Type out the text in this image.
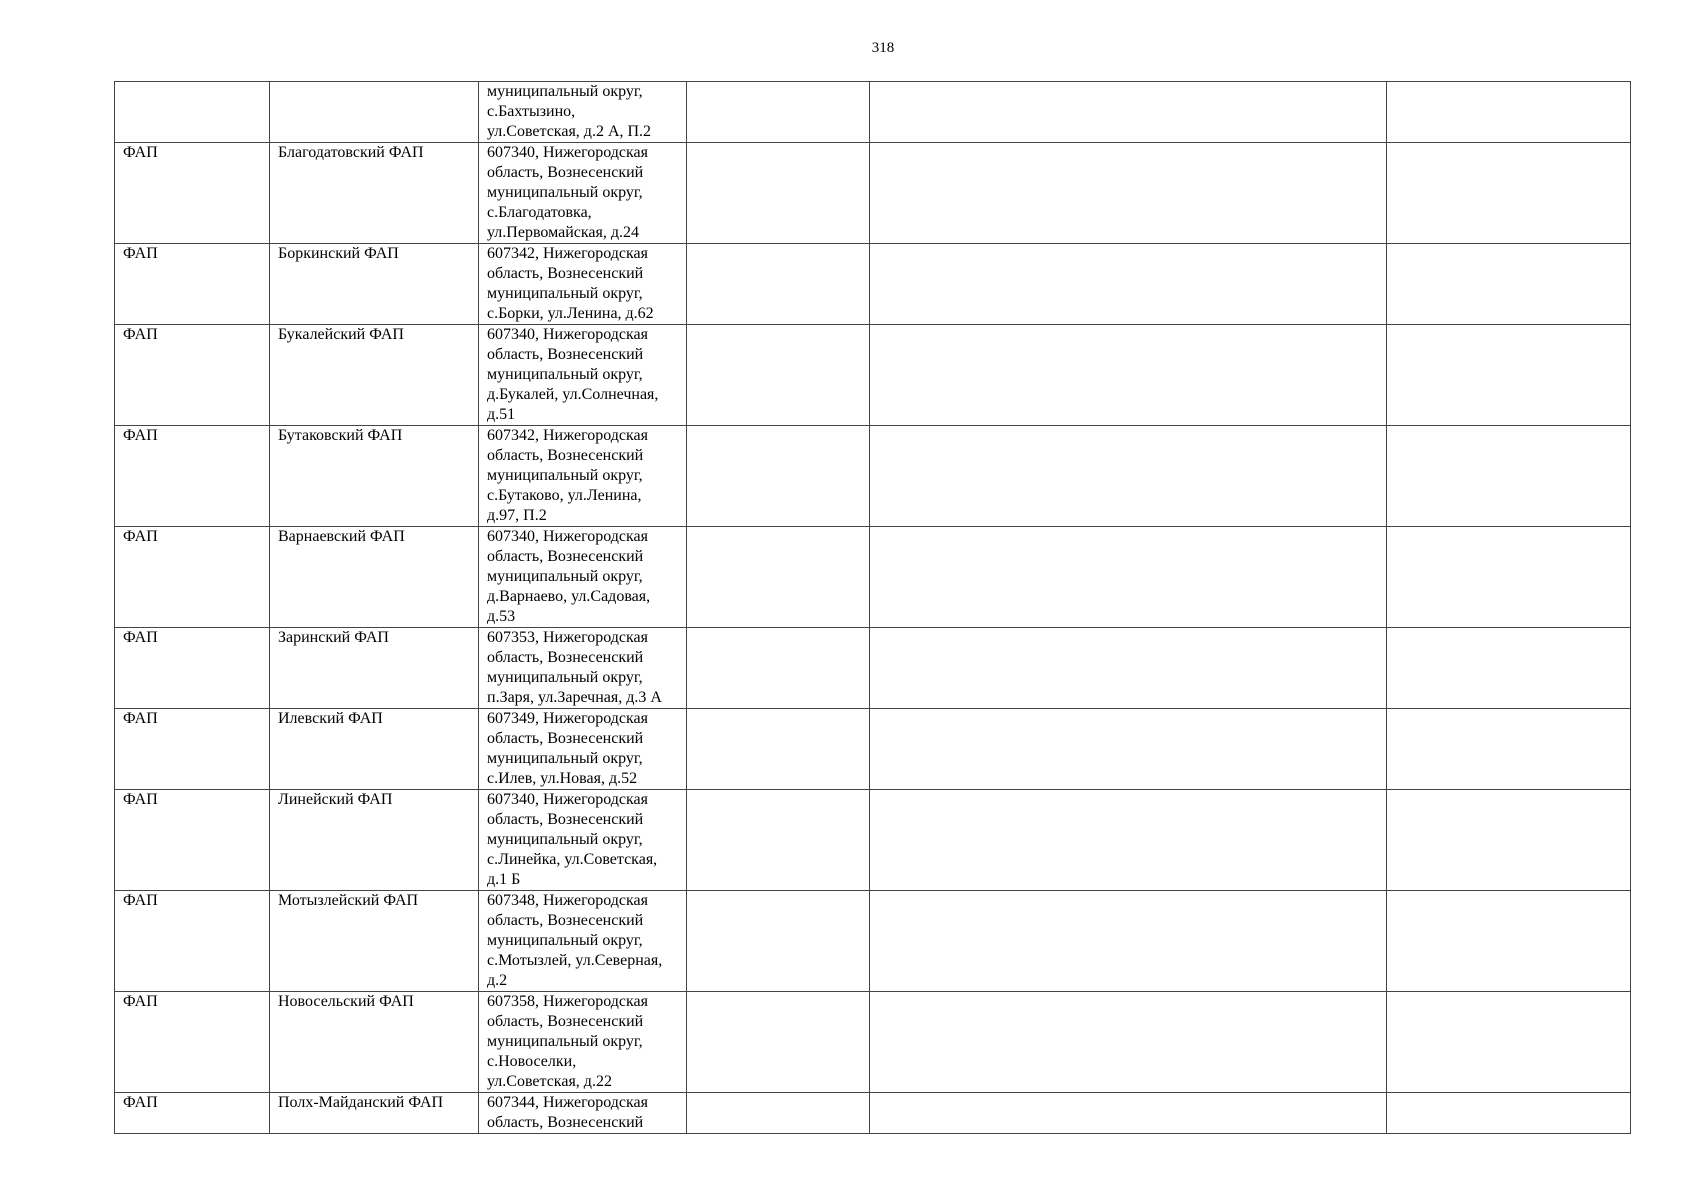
318

		муниципальный округ,
с.Бахтызино,
ул.Советская, д.2 А, П.2			

ФАП	Благодатовский ФАП	607340, Нижегородская
область, Вознесенский
муниципальный округ,
с.Благодатовка,
ул.Первомайская, д.24			

ФАП	Боркинский ФАП	607342, Нижегородская
область, Вознесенский
муниципальный округ,
с.Борки, ул.Ленина, д.62			

ФАП	Букалейский ФАП	607340, Нижегородская
область, Вознесенский
муниципальный округ,
д.Букалей, ул.Солнечная,
д.51			

ФАП	Бутаковский ФАП	607342, Нижегородская
область, Вознесенский
муниципальный округ,
с.Бутаково, ул.Ленина,
д.97, П.2			

ФАП	Варнаевский ФАП	607340, Нижегородская
область, Вознесенский
муниципальный округ,
д.Варнаево, ул.Садовая,
д.53			

ФАП	Заринский ФАП	607353, Нижегородская
область, Вознесенский
муниципальный округ,
п.Заря, ул.Заречная, д.3 А			

ФАП	Илевский ФАП	607349, Нижегородская
область, Вознесенский
муниципальный округ,
с.Илев, ул.Новая, д.52			

ФАП	Линейский ФАП	607340, Нижегородская
область, Вознесенский
муниципальный округ,
с.Линейка, ул.Советская,
д.1 Б			

ФАП	Мотызлейский ФАП	607348, Нижегородская
область, Вознесенский
муниципальный округ,
с.Мотызлей, ул.Северная,
д.2			

ФАП	Новосельский ФАП	607358, Нижегородская
область, Вознесенский
муниципальный округ,
с.Новоселки,
ул.Советская, д.22			

ФАП	Полх-Майданский ФАП	607344, Нижегородская
область, Вознесенский			
